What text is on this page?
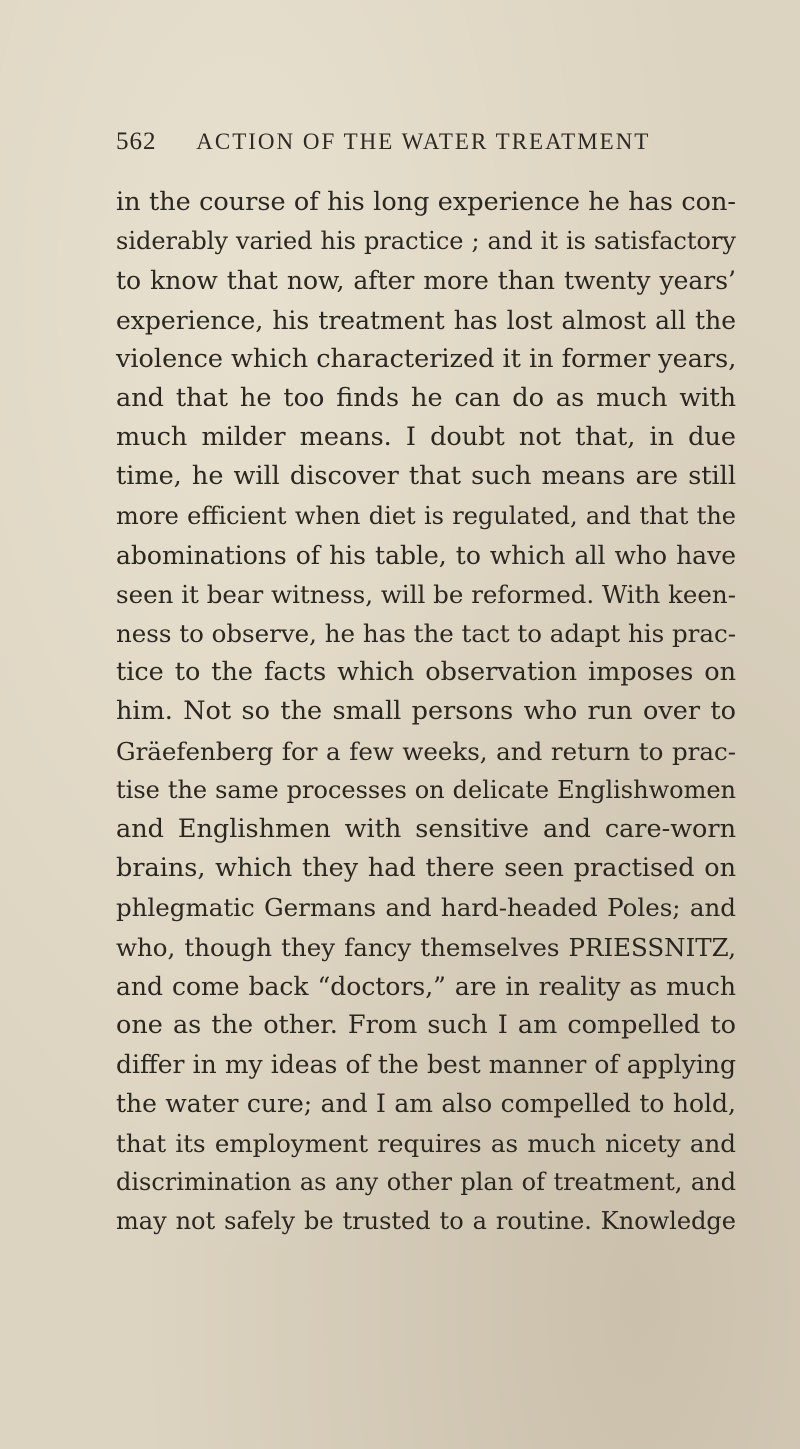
562 ACTION OF THE WATER TREATMENT
in the course of his long experience he has con-
siderably varied his practice ; and it is satisfactory
to know that now, after more than twenty years’
experience, his treatment has lost almost all the
violence which characterized it in former years,
and that he too finds he can do as much with
much milder means. I doubt not that, in due
time, he will discover that such means are still
more efficient when diet is regulated, and that the
abominations of his table, to which all who have
seen it bear witness, will be reformed. With keen-
ness to observe, he has the tact to adapt his prac-
tice to the facts which observation imposes on
him. Not so the small persons who run over to
Gräefenberg for a few weeks, and return to prac-
tise the same processes on delicate Englishwomen
and Englishmen with sensitive and care-worn
brains, which they had there seen practised on
phlegmatic Germans and hard-headed Poles; and
who, though they fancy themselves PRIESSNITZ,
and come back “doctors,” are in reality as much
one as the other. From such I am compelled to
differ in my ideas of the best manner of applying
the water cure; and I am also compelled to hold,
that its employment requires as much nicety and
discrimination as any other plan of treatment, and
may not safely be trusted to a routine. Knowledge
